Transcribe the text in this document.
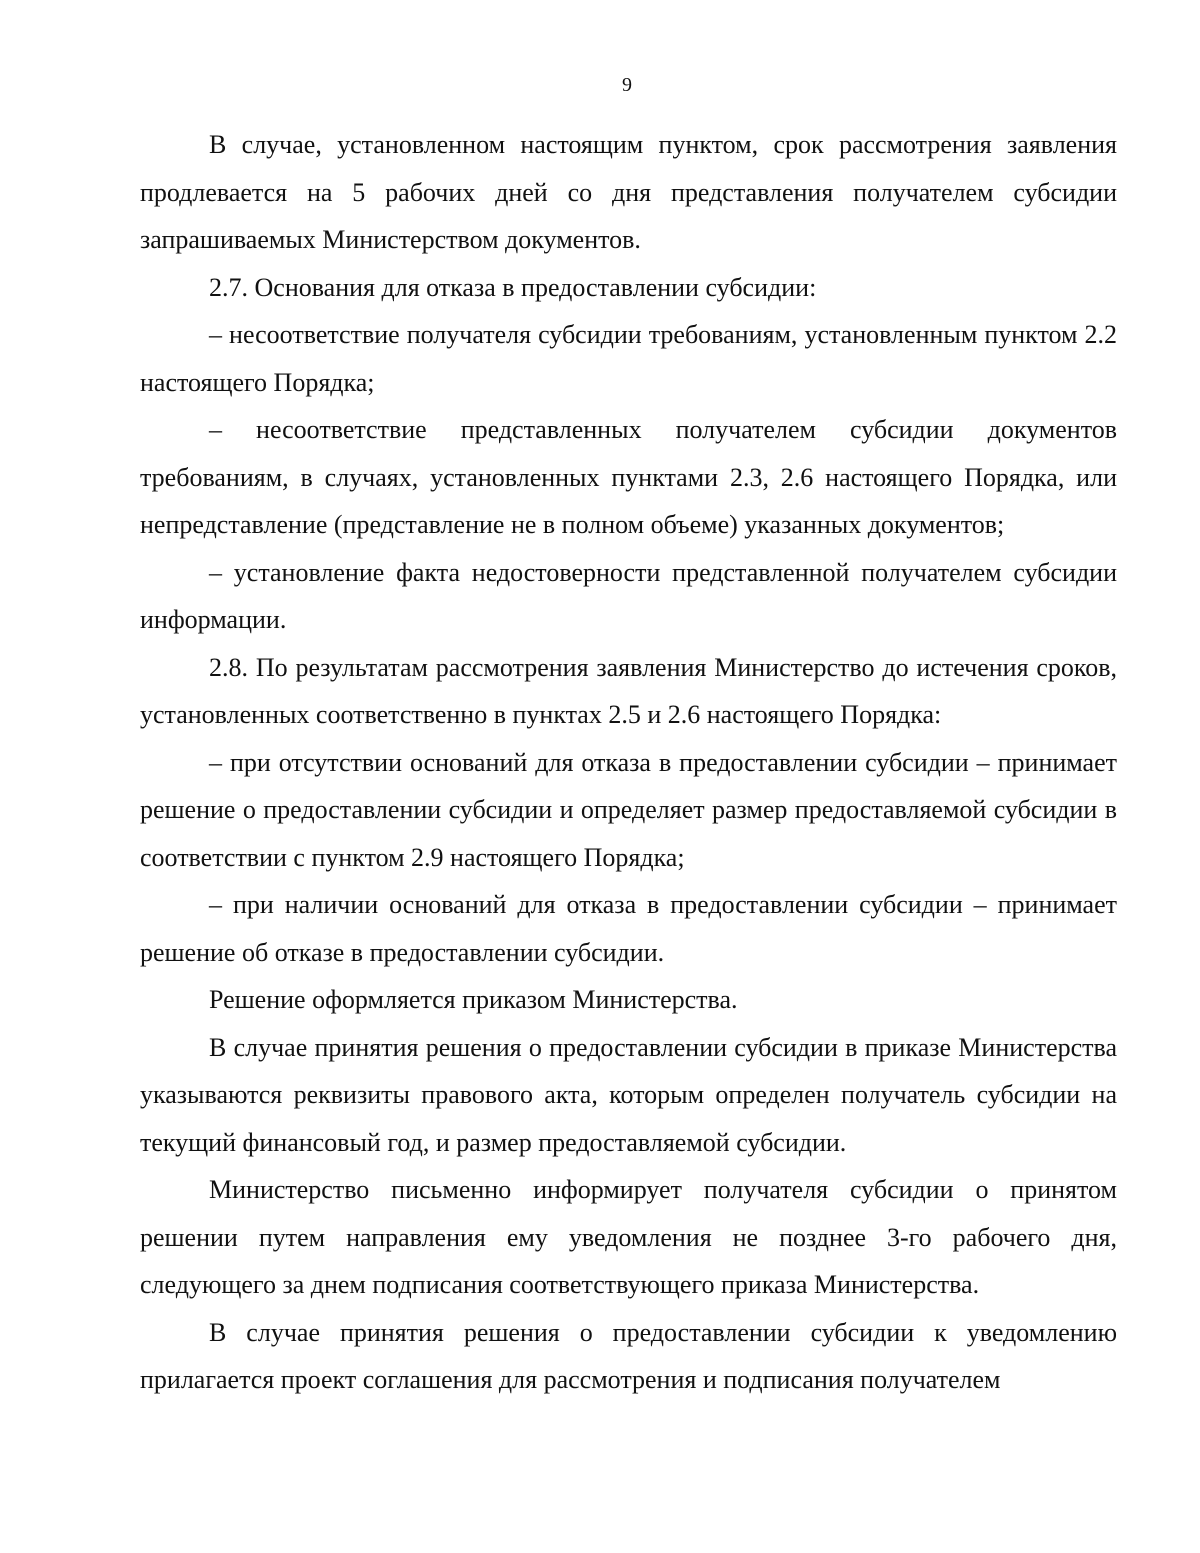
9

В случае, установленном настоящим пунктом, срок рассмотрения заявления продлевается на 5 рабочих дней со дня представления получателем субсидии запрашиваемых Министерством документов.

2.7. Основания для отказа в предоставлении субсидии:

– несоответствие получателя субсидии требованиям, установленным пунктом 2.2 настоящего Порядка;

– несоответствие представленных получателем субсидии документов требованиям, в случаях, установленных пунктами 2.3, 2.6 настоящего Порядка, или непредставление (представление не в полном объеме) указанных документов;

– установление факта недостоверности представленной получателем субсидии информации.

2.8. По результатам рассмотрения заявления Министерство до истечения сроков, установленных соответственно в пунктах 2.5 и 2.6 настоящего Порядка:

– при отсутствии оснований для отказа в предоставлении субсидии – принимает решение о предоставлении субсидии и определяет размер предоставляемой субсидии в соответствии с пунктом 2.9 настоящего Порядка;

– при наличии оснований для отказа в предоставлении субсидии – принимает решение об отказе в предоставлении субсидии.

Решение оформляется приказом Министерства.

В случае принятия решения о предоставлении субсидии в приказе Министерства указываются реквизиты правового акта, которым определен получатель субсидии на текущий финансовый год, и размер предоставляемой субсидии.

Министерство письменно информирует получателя субсидии о принятом решении путем направления ему уведомления не позднее 3-го рабочего дня, следующего за днем подписания соответствующего приказа Министерства.

В случае принятия решения о предоставлении субсидии к уведомлению прилагается проект соглашения для рассмотрения и подписания получателем
